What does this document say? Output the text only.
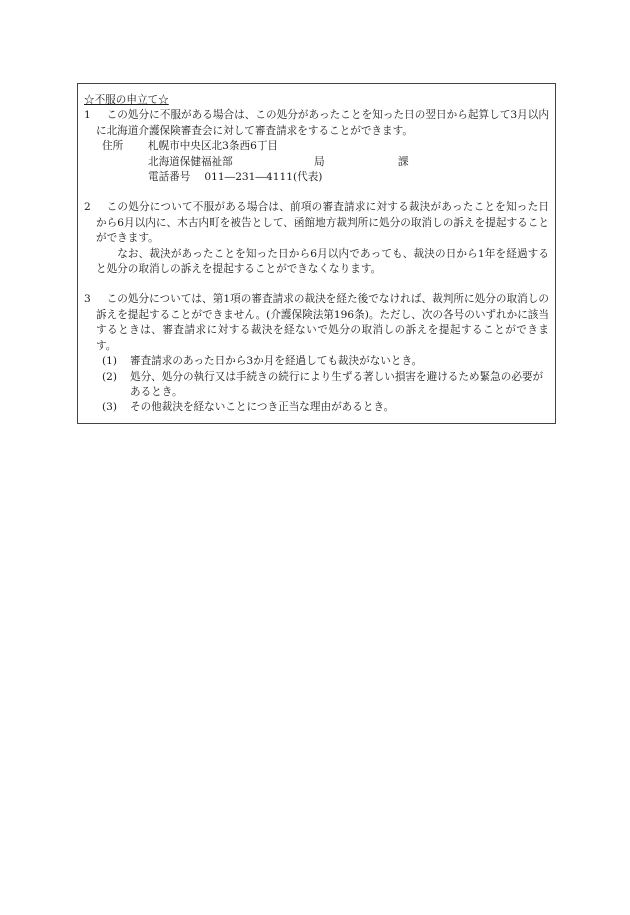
☆不服の申立て☆
1	この処分に不服がある場合は、この処分があったことを知った日の翌日から起算して3月以内に北海道介護保険審査会に対して審査請求をすることができます。
住所	札幌市中央区北3条西6丁目
北海道保健福祉部	局	課
電話番号	011―231―4111(代表)
2	この処分について不服がある場合は、前項の審査請求に対する裁決があったことを知った日から6月以内に、木古内町を被告として、函館地方裁判所に処分の取消しの訴えを提起することができます。
なお、裁決があったことを知った日から6月以内であっても、裁決の日から1年を経過すると処分の取消しの訴えを提起することができなくなります。
3	この処分については、第1項の審査請求の裁決を経た後でなければ、裁判所に処分の取消しの訴えを提起することができません。(介護保険法第196条)。ただし、次の各号のいずれかに該当するときは、審査請求に対する裁決を経ないで処分の取消しの訴えを提起することができます。
(1) 審査請求のあった日から3か月を経過しても裁決がないとき。
(2) 処分、処分の執行又は手続きの続行により生ずる著しい損害を避けるため緊急の必要があるとき。
(3) その他裁決を経ないことにつき正当な理由があるとき。
